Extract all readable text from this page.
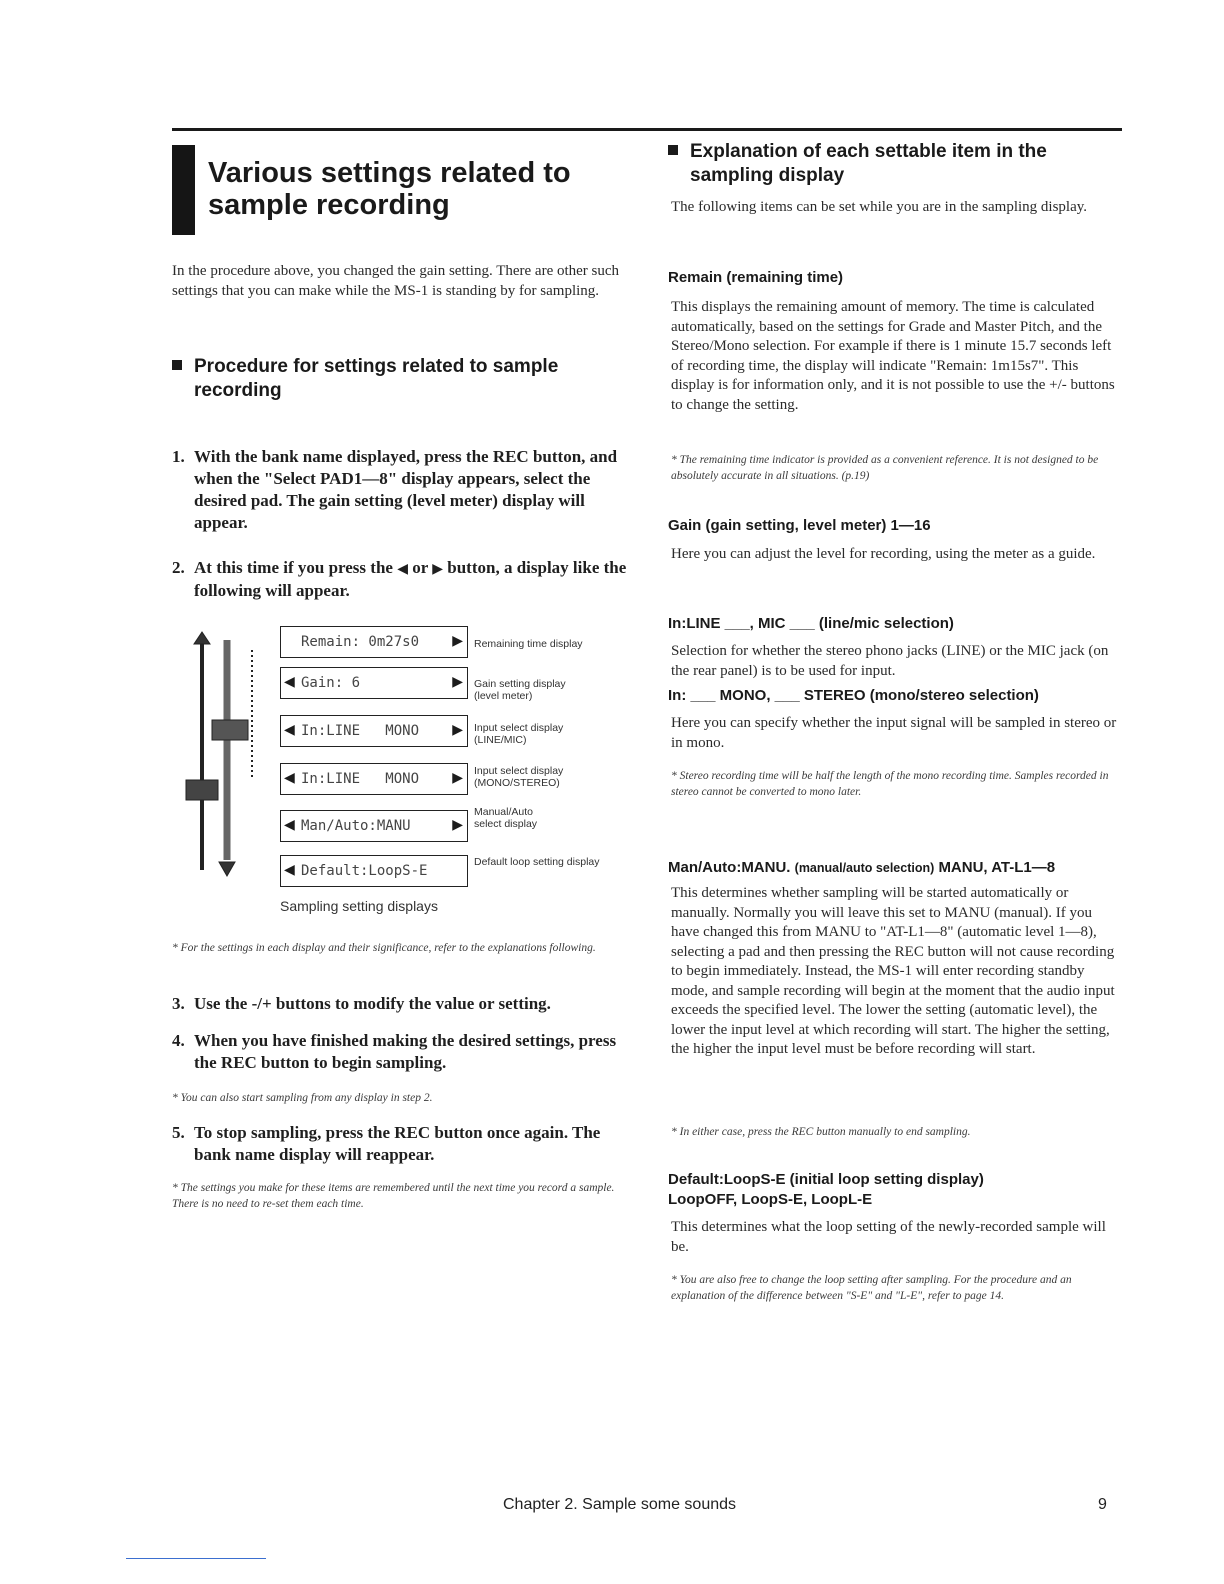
Various settings related to
sample recording
In the procedure above, you changed the gain setting. There are other such settings that you can make while the MS-1 is standing by for sampling.
Procedure for settings related to sample
recording
1. With the bank name displayed, press the REC button, and when the "Select PAD1—8" display appears, select the desired pad. The gain setting (level meter) display will appear.
2. At this time if you press the ◀ or ▶ button, a display like the following will appear.
Remain: 0m27s0 ▶
◀ Gain: 6	▶
◀ In:LINE   MONO ▶
◀ In:LINE   MONO ▶
◀ Man/Auto:MANU	▶
◀ Default:LoopS-E
Remaining time display
Gain setting display
(level meter)
Input select display
(LINE/MIC)
Input select display
(MONO/STEREO)
Manual/Auto
select display
Default loop setting display
Sampling setting displays
* For the settings in each display and their significance, refer to the explanations following.
3. Use the -/+ buttons to modify the value or setting.
4. When you have finished making the desired settings, press the REC button to begin sampling.
* You can also start sampling from any display in step 2.
5. To stop sampling, press the REC button once again. The bank name display will reappear.
* The settings you make for these items are remembered until the next time you record a sample. There is no need to re-set them each time.
Explanation of each settable item in the
sampling display
The following items can be set while you are in the sampling display.
Remain (remaining time)
This displays the remaining amount of memory. The time is calculated automatically, based on the settings for Grade and Master Pitch, and the Stereo/Mono selection. For example if there is 1 minute 15.7 seconds left of recording time, the display will indicate "Remain: 1m15s7". This display is for information only, and it is not possible to use the +/- buttons to change the setting.
* The remaining time indicator is provided as a convenient reference. It is not designed to be absolutely accurate in all situations. (p.19)
Gain (gain setting, level meter) 1—16
Here you can adjust the level for recording, using the meter as a guide.
In:LINE ___, MIC ___ (line/mic selection)
Selection for whether the stereo phono jacks (LINE) or the MIC jack (on the rear panel) is to be used for input.
In: ___ MONO, ___ STEREO (mono/stereo selection)
Here you can specify whether the input signal will be sampled in stereo or in mono.
* Stereo recording time will be half the length of the mono recording time. Samples recorded in stereo cannot be converted to mono later.
Man/Auto:MANU. (manual/auto selection) MANU, AT-L1—8
This determines whether sampling will be started automatically or manually. Normally you will leave this set to MANU (manual). If you have changed this from MANU to "AT-L1—8" (automatic level 1—8), selecting a pad and then pressing the REC button will not cause recording to begin immediately. Instead, the MS-1 will enter recording standby mode, and sample recording will begin at the moment that the audio input exceeds the specified level. The lower the setting (automatic level), the lower the input level at which recording will start. The higher the setting, the higher the input level must be before recording will start.
* In either case, press the REC button manually to end sampling.
Default:LoopS-E (initial loop setting display)
LoopOFF, LoopS-E, LoopL-E
This determines what the loop setting of the newly-recorded sample will be.
* You are also free to change the loop setting after sampling. For the procedure and an explanation of the difference between "S-E" and "L-E", refer to page 14.
Chapter 2. Sample some sounds	9
